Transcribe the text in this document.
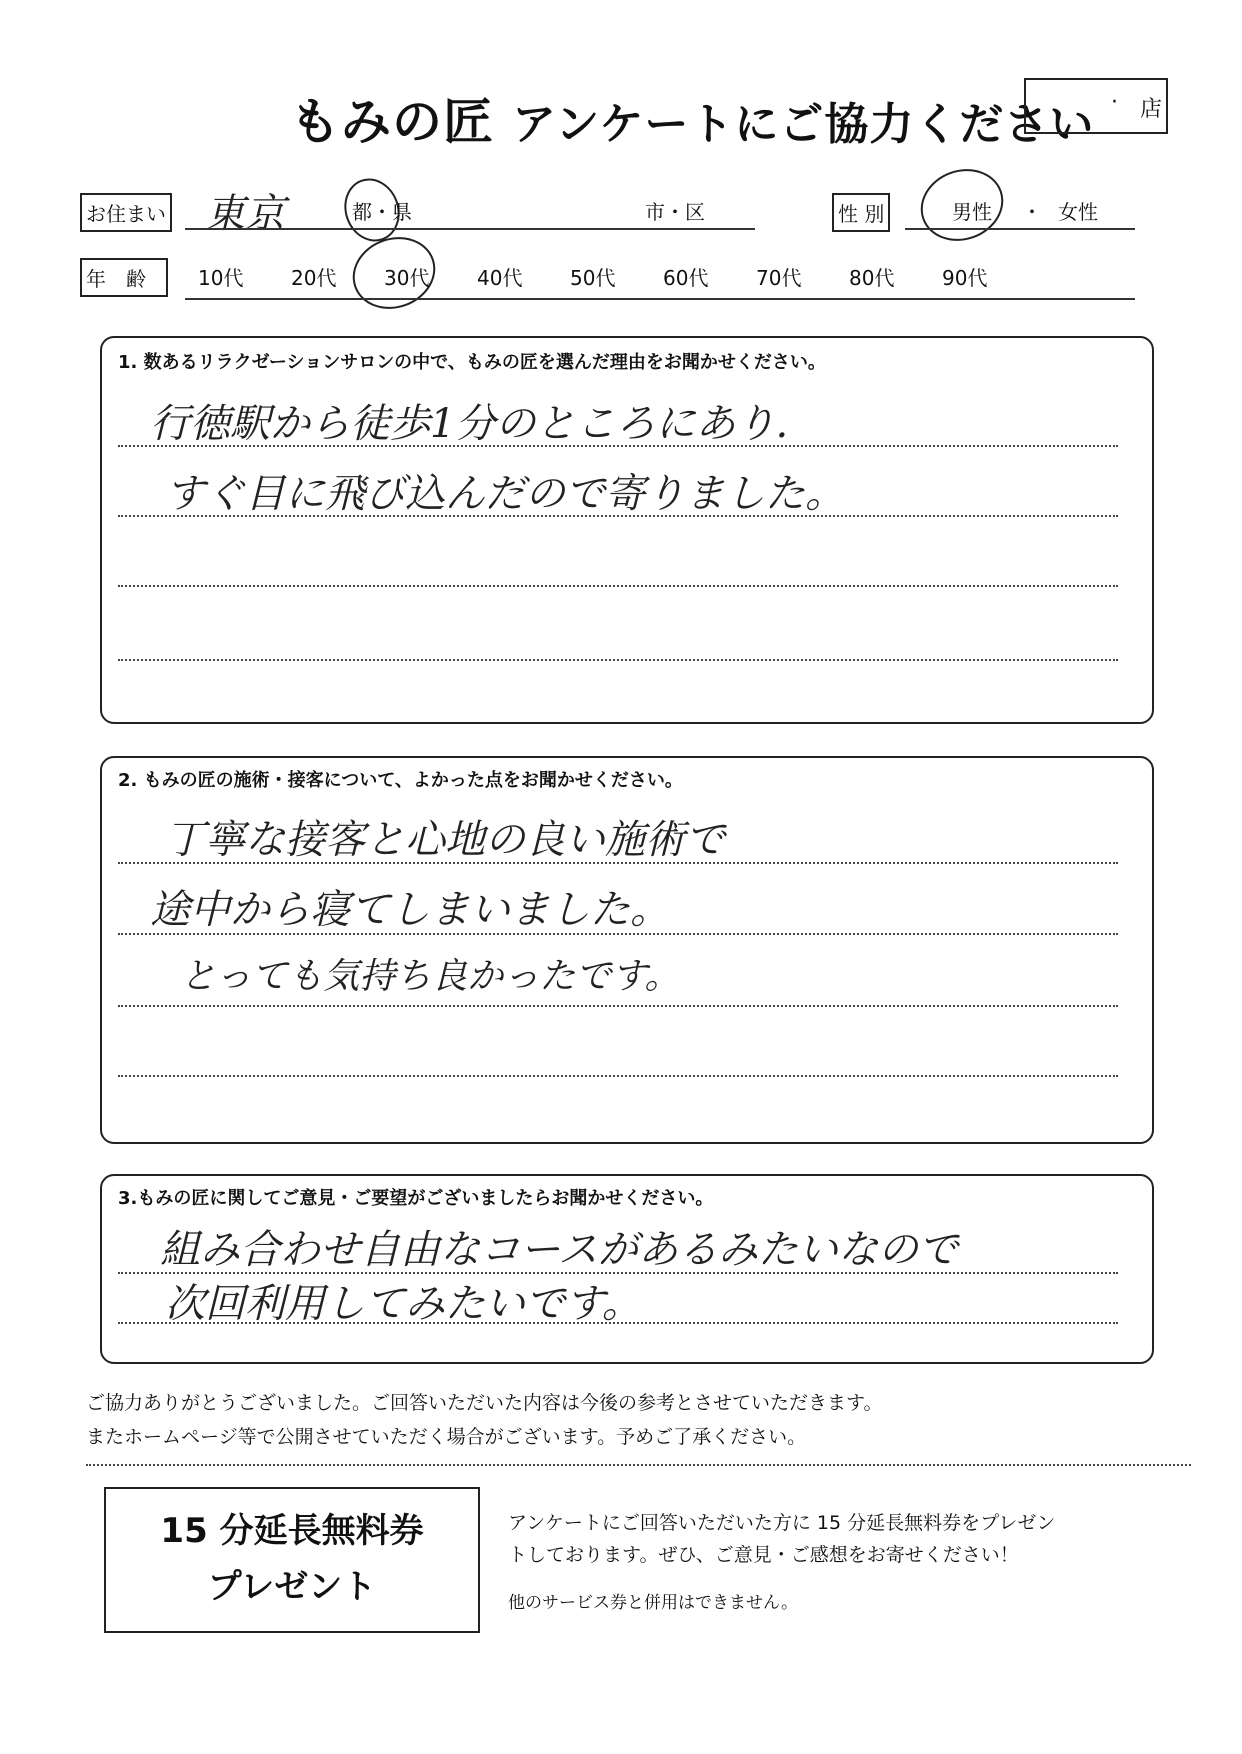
もみの匠 アンケートにご協力ください · 店
お住まい 東京	都・県	市・区	性 別	男性 ・ 女性
年　齢	10代 20代 30代 40代 50代 60代 70代 80代 90代
1. 数あるリラクゼーションサロンの中で、もみの匠を選んだ理由をお聞かせください。
2. もみの匠の施術・接客について、よかった点をお聞かせください。
3.もみの匠に関してご意見・ご要望がございましたらお聞かせください。
行徳駅から徒歩1分のところにあり.
すぐ目に飛び込んだので寄りました。
丁寧な接客と心地の良い施術で
途中から寝てしまいました。
とっても気持ち良かったです。
組み合わせ自由なコースがあるみたいなので
次回利用してみたいです。
ご協力ありがとうございました。ご回答いただいた内容は今後の参考とさせていただきます。
またホームページ等で公開させていただく場合がございます。予めご了承ください。
15 分延長無料券
プレゼント
アンケートにご回答いただいた方に 15 分延長無料券をプレゼン
トしております。ぜひ、ご意見・ご感想をお寄せください！
他のサービス券と併用はできません。
